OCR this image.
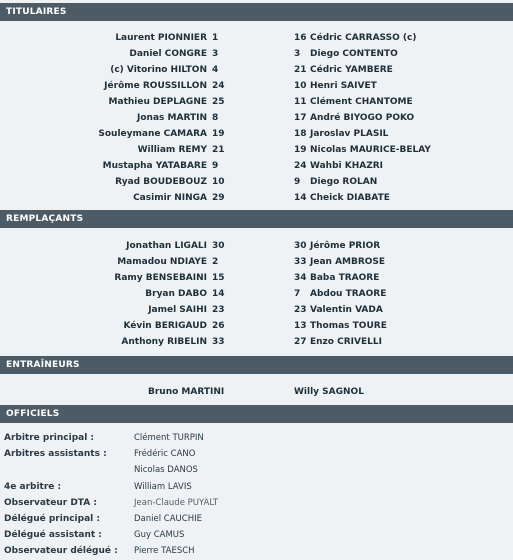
TITULAIRES
Laurent PIONNIER 1	16 Cédric CARRASSO (c)
Daniel CONGRE 3	3	Diego CONTENTO
(c) Vitorino HILTON 4	21 Cédric YAMBERE
Jérôme ROUSSILLON 24	10 Henri SAIVET
Mathieu DEPLAGNE 25	11 Clément CHANTOME
Jonas MARTIN 8	17 André BIYOGO POKO
Souleymane CAMARA 19	18 Jaroslav PLASIL
William REMY 21	19 Nicolas MAURICE-BELAY
Mustapha YATABARE 9	24 Wahbi KHAZRI
Ryad BOUDEBOUZ 10	9	Diego ROLAN
Casimir NINGA 29	14 Cheick DIABATE
REMPLAÇANTS
Jonathan LIGALI 30	30 Jérôme PRIOR
Mamadou NDIAYE 2	33 Jean AMBROSE
Ramy BENSEBAINI 15	34 Baba TRAORE
Bryan DABO 14	7	Abdou TRAORE
Jamel SAIHI 23	23 Valentin VADA
Kévin BERIGAUD 26	13 Thomas TOURE
Anthony RIBELIN 33	27 Enzo CRIVELLI
ENTRAÎNEURS
Bruno MARTINI	Willy SAGNOL
OFFICIELS
Arbitre principal :	Clément TURPIN
Arbitres assistants :	Frédéric CANO
Nicolas DANOS
4e arbitre :	William LAVIS
Observateur DTA :	Jean-Claude PUYALT
Délégué principal :	Daniel CAUCHIE
Délégué assistant :	Guy CAMUS
Observateur délégué : Pierre TAESCH
